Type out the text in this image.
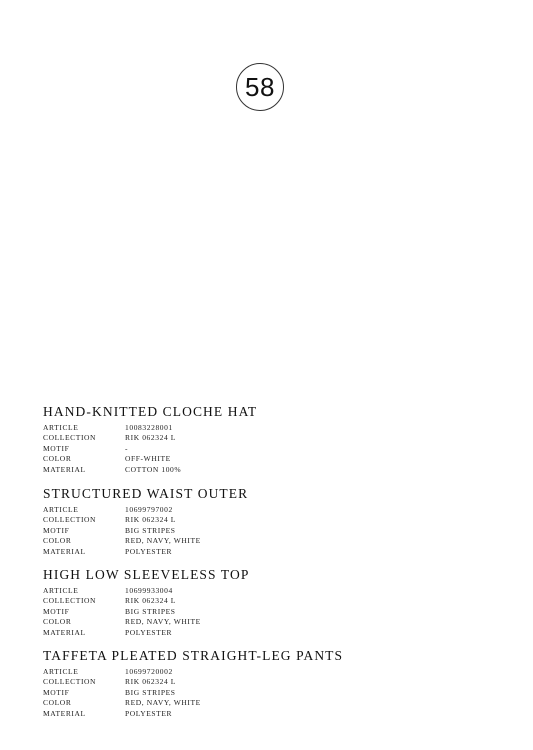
58
HAND-KNITTED CLOCHE HAT
ARTICLE	10083228001
COLLECTION	RIK 062324 L
MOTIF	-
COLOR	OFF-WHITE
MATERIAL	COTTON 100%
STRUCTURED WAIST OUTER
ARTICLE	10699797002
COLLECTION	RIK 062324 L
MOTIF	BIG STRIPES
COLOR	RED, NAVY, WHITE
MATERIAL	POLYESTER
HIGH LOW SLEEVELESS TOP
ARTICLE	10699933004
COLLECTION	RIK 062324 L
MOTIF	BIG STRIPES
COLOR	RED, NAVY, WHITE
MATERIAL	POLYESTER
TAFFETA PLEATED STRAIGHT-LEG PANTS
ARTICLE	10699720002
COLLECTION	RIK 062324 L
MOTIF	BIG STRIPES
COLOR	RED, NAVY, WHITE
MATERIAL	POLYESTER
